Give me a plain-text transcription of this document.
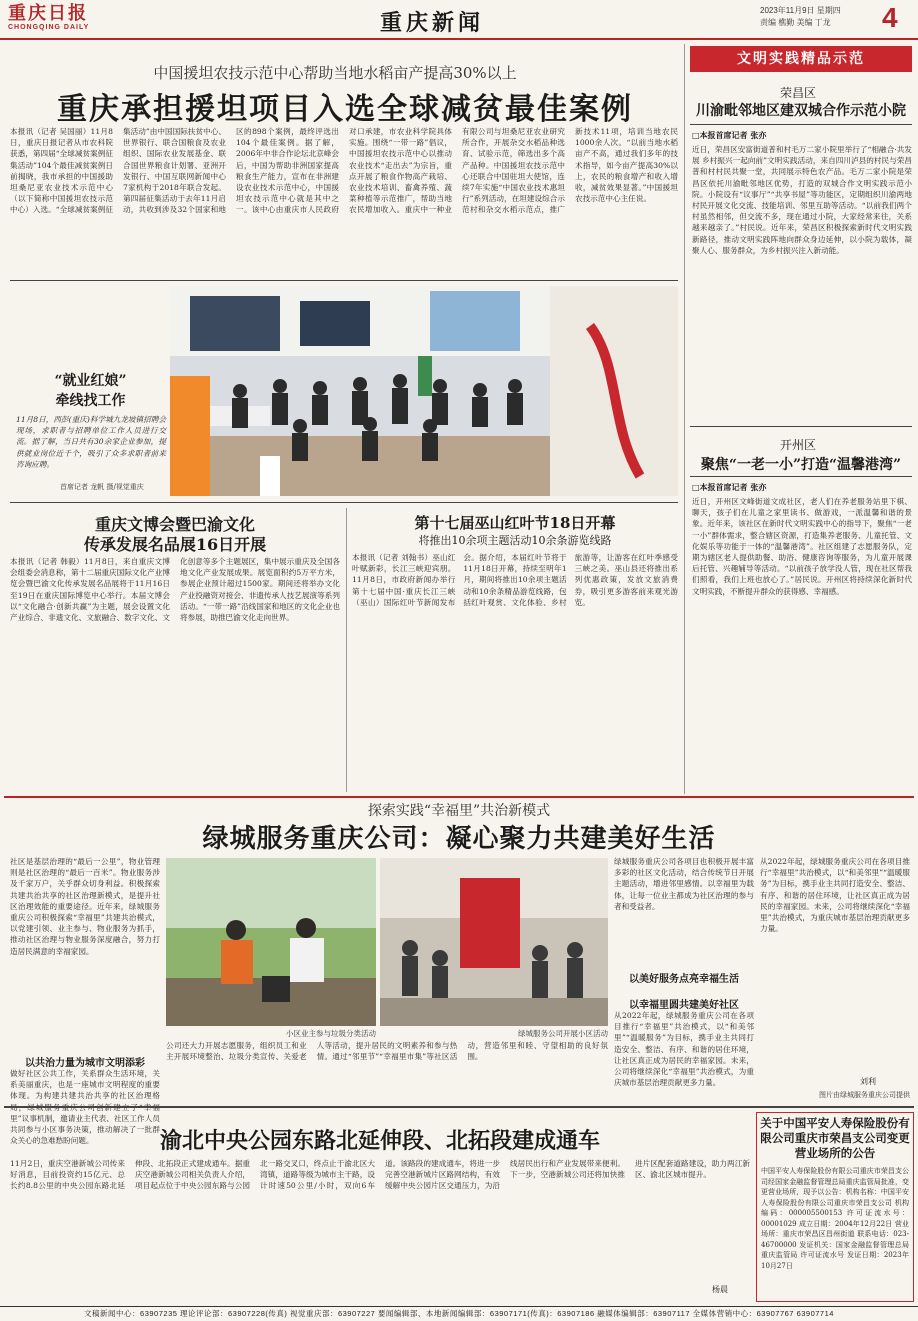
重庆日报
CHONGQING DAILY	重庆新闻	2023年11月9日 星期四
责编 樵勤 美编 丁龙	4
中国援坦农技示范中心帮助当地水稻亩产提高30%以上
重庆承担援坦项目入选全球减贫最佳案例
本报讯（记者 吴国丽）11月8日，重庆日报记者从市农科院获悉，第四届“全球减贫案例征集活动”104个最佳减贫案例日前揭晓，我市承担的中国援助坦桑尼亚农业技术示范中心（以下简称中国援坦农技示范中心）入选。“全球减贫案例征集活动”由中国国际扶贫中心、世界银行、联合国粮食及农业组织、国际农业发展基金、联合国世界粮食计划署、亚洲开发银行、中国互联网新闻中心7家机构于2018年联合发起。第四届征集活动于去年11月启动，共收到涉及32个国家和地区的898个案例，最终评选出104个最佳案例。据了解，2006年中非合作论坛北京峰会后，中国为帮助非洲国家提高粮食生产能力，宣布在非洲建设农业技术示范中心，中国援坦农技示范中心就是其中之一。该中心由重庆市人民政府对口承建，市农业科学院具体实施。围绕“一带一路”倡议，中国援坦农技示范中心以推动农业技术“走出去”为宗旨，重点开展了粮食作物高产栽培、农业技术培训、畜禽养殖、蔬菜种植等示范推广，帮助当地农民增加收入。重庆中一种业有限公司与坦桑尼亚农业研究所合作，开展杂交水稻品种选育、试验示范，筛选出多个高产品种。中国援坦农技示范中心还联合中国驻坦大使馆，连续7年实施“中国农业技术惠坦行”系列活动，在坦建设综合示范村和杂交水稻示范点，推广新技术11项，培训当地农民1000余人次。“以前当地水稻亩产不高，通过我们多年的技术指导，如今亩产提高30%以上，农民的粮食增产和收入增收，减贫效果显著。”中国援坦农技示范中心主任说。
文明实践精品示范
荣昌区
川渝毗邻地区建双城合作示范小院
□本报首席记者 张亦
近日，荣昌区安富街道普和村毛万二家小院里举行了“相融合·共发展 乡村振兴一起向前”文明实践活动，来自四川泸县的村民与荣昌普和村村民共聚一堂，共同展示特色农产品。毛万二家小院是荣昌区依托川渝毗邻地区优势，打造的双城合作文明实践示范小院。小院设有“议事厅”“共享书屋”等功能区，定期组织川渝两地村民开展文化交流、技能培训、邻里互助等活动。“以前我们两个村虽然相邻，但交流不多，现在通过小院，大家经常来往，关系越来越亲了。”村民说。近年来，荣昌区积极探索新时代文明实践新路径，推动文明实践阵地向群众身边延伸，以小院为载体，凝聚人心、服务群众，为乡村振兴注入新动能。
开州区
聚焦“一老一小”打造“温馨港湾”
□本报首席记者 张亦
近日，开州区文峰街道文成社区，老人们在养老服务站里下棋、聊天，孩子们在儿童之家里读书、做游戏，一派温馨和谐的景象。近年来，该社区在新时代文明实践中心的指导下，聚焦“一老一小”群体需求，整合辖区资源，打造集养老服务、儿童托管、文化娱乐等功能于一体的“温馨港湾”。社区组建了志愿服务队，定期为辖区老人提供助餐、助浴、健康咨询等服务，为儿童开展课后托管、兴趣辅导等活动。“以前孩子放学没人管，现在社区帮我们照看，我们上班也放心了。”居民说。开州区将持续深化新时代文明实践，不断提升群众的获得感、幸福感。
“就业红娘”
牵线找工作
11月8日，西彭(重庆)科学城九龙坡镇招聘会现场，求职者与招聘单位工作人员进行交流。据了解，当日共有30余家企业参加，提供就业岗位近千个，吸引了众多求职者前来咨询应聘。
首席记者 龙帆 摄/视觉重庆
重庆文博会暨巴渝文化
传承发展名品展16日开展
本报讯（记者 韩毅）11月8日，来自重庆文博会组委会消息称，第十二届重庆国际文化产业博览会暨巴渝文化传承发展名品展将于11月16日至19日在重庆国际博览中心举行。本届文博会以“文化融合·创新共赢”为主题，展会设置文化产业综合、非遗文化、文旅融合、数字文化、文化创意等多个主题展区，集中展示重庆及全国各地文化产业发展成果。展览面积约5万平方米，参展企业预计超过1500家。期间还将举办文化产业投融资对接会、非遗传承人技艺展演等系列活动。“一带一路”沿线国家和地区的文化企业也将参展，助推巴渝文化走向世界。
第十七届巫山红叶节18日开幕
将推出10余项主题活动10余条游览线路
本报讯（记者 刘翰书）巫山红叶赋新彩，长江三峡迎宾朋。11月8日，市政府新闻办举行第十七届中国·重庆长江三峡（巫山）国际红叶节新闻发布会。据介绍，本届红叶节将于11月18日开幕，持续至明年1月，期间将推出10余项主题活动和10余条精品游览线路，包括红叶观赏、文化体验、乡村旅游等，让游客在红叶季感受三峡之美。巫山县还将推出系列优惠政策，发放文旅消费券，吸引更多游客前来观光游览。
探索实践“幸福里”共治新模式
绿城服务重庆公司：凝心聚力共建美好生活
社区是基层治理的“最后一公里”，物业管理则是社区治理的“最后一百米”。物业服务涉及千家万户，关乎群众切身利益。积极探索共建共治共享的社区治理新模式，是提升社区治理效能的重要途径。近年来，绿城服务重庆公司积极探索“幸福里”共建共治模式，以党建引领、业主参与、物业服务为抓手，推动社区治理与物业服务深度融合，努力打造居民满意的幸福家园。
以共治力量为城市文明添彩
做好社区公共工作，关系群众生活环境，关系美丽重庆，也是一座城市文明程度的重要体现。为构建共建共治共享的社区治理格 里”议事机制，邀请业主代表、社区工作人员共同参与小区事务决策，推动解决了一批群众关心的急难愁盼问题。
小区业主参与垃圾分类活动	绿城服务公司开展小区活动
公司还大力开展志愿服务，组织员工和业主开展环境整治、垃圾分类宣传、关爱老人等活动，提升居民的文明素养和参与热情。通过“邻里节”“幸福里市集”等社区活动，营造邻里和睦、守望相助的良好氛围。
绿城服务重庆公司各项目也积极开展丰富多彩的社区文化活动，结合传统节日开展主题活动，增进邻里感情。以幸福里为载体，让每一位业主都成为社区治理的参与者和受益者。
以幸福里圆共建美好社区
以美好服务点亮幸福生活
从2022年起，绿城服务重庆公司在各项目推行“幸福里”共治模式，以“和美邻里”“温暖服务”为目标，携手业主共同打造安全、整洁、有序、和谐的居住环境，让社区真正成为居民的幸福家园。未来，公司将继续深化“幸福里”共治模式，为重庆城市基层治理贡献更多力量。
从2022年起，绿城服务重庆公司在各项目推行“幸福里”共治模式，以“和美邻里”“温暖服务”为目标，携手业主共同打造安全、整洁、有序、和谐的居住环境，让社区真正成为居民的幸福家园。未来，公司将继续深化“幸福里”共治模式，为重庆城市基层治理贡献更多力量。
刘利
图片由绿城服务重庆公司提供
渝北中央公园东路北延伸段、北拓段建成通车
11月2日，重庆空港新城公司传来好消息，目前投资约15亿元、总长约8.8公里的中央公园东路北延伸段、北拓段正式建成通车。据重庆空港新城公司相关负责人介绍，项目起点位于中央公园东路与公园北一路交叉口，终点止于渝北区大湾镇，道路等级为城市主干路，设计时速50公里/小时，双向6车道。该路段的建成通车，将进一步完善空港新城片区路网结构，有效缓解中央公园片区交通压力，为沿线居民出行和产业发展带来便利。下一步，空港新城公司还将加快推进片区配套道路建设，助力两江新区、渝北区城市提升。
杨晨
关于中国平安人寿保险股份有限公司重庆市荣昌支公司变更营业场所的公告
中国平安人寿保险股份有限公司重庆市荣昌支公司经国家金融监督管理总局重庆监管局批准，变更营业场所，现予以公告：机构名称：中国平安人寿保险股份有限公司重庆市荣昌支公司 机构编码：000005500153 许可证流水号：00001029 成立日期：2004年12月22日 营业场所：重庆市荣昌区昌州街道 联系电话：023-46700000 发证机关：国家金融监督管理总局重庆监管局 许可证流水号 发证日期：2023年10月27日
文稿新闻中心：63907235 理论评论部：63907228(传真) 视觉重庆部：63907227 要闻编辑部、本地新闻编辑部：63907171(传真)：63907186 融媒体编辑部：63907117 全媒体营销中心：63907767 63907714
